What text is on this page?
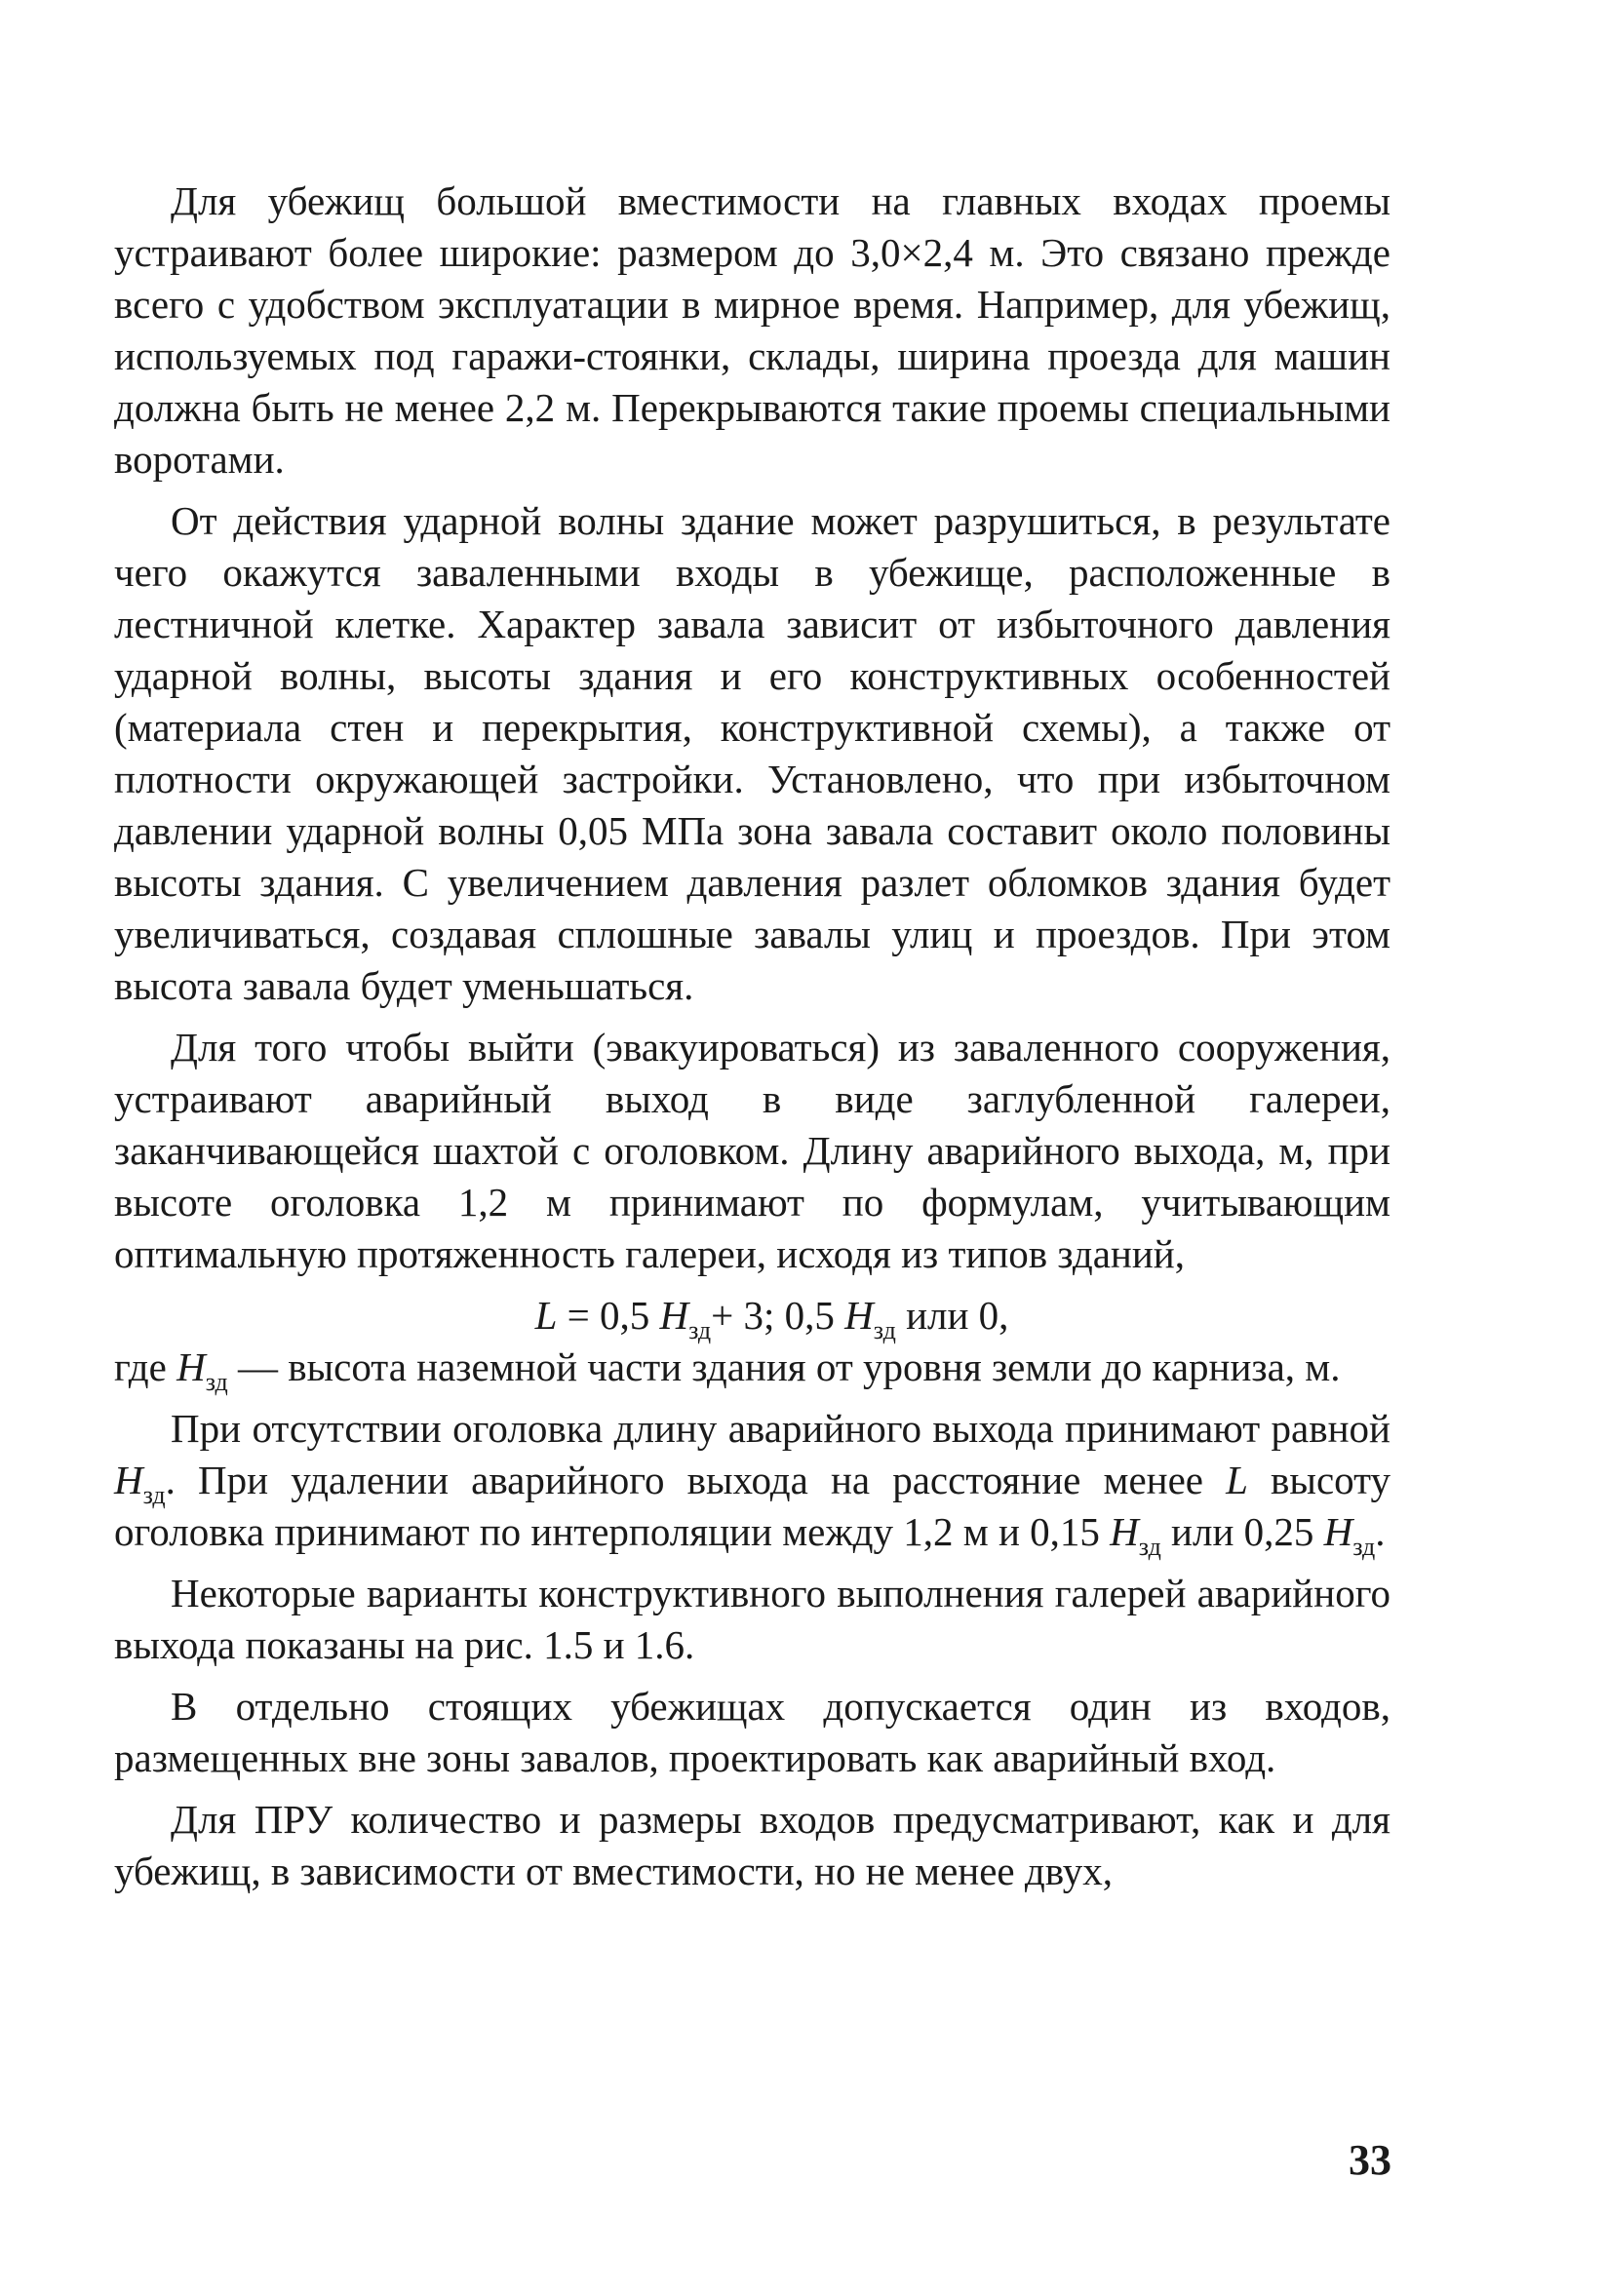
Для убежищ большой вместимости на главных входах проемы устраивают более широкие: размером до 3,0×2,4 м. Это связано прежде всего с удобством эксплуатации в мирное время. Например, для убежищ, используемых под гаражи-стоянки, склады, ширина проезда для машин должна быть не менее 2,2 м. Перекрываются такие проемы специальными воротами.

От действия ударной волны здание может разрушиться, в результате чего окажутся заваленными входы в убежище, расположенные в лестничной клетке. Характер завала зависит от избыточного давления ударной волны, высоты здания и его конструктивных особенностей (материала стен и перекрытия, конструктивной схемы), а также от плотности окружающей застройки. Установлено, что при избыточном давлении ударной волны 0,05 МПа зона завала составит около половины высоты здания. С увеличением давления разлет обломков здания будет увеличиваться, создавая сплошные завалы улиц и проездов. При этом высота завала будет уменьшаться.

Для того чтобы выйти (эвакуироваться) из заваленного сооружения, устраивают аварийный выход в виде заглубленной галереи, заканчивающейся шахтой с оголовком. Длину аварийного выхода, м, при высоте оголовка 1,2 м принимают по формулам, учитывающим оптимальную протяженность галереи, исходя из типов зданий,

L = 0,5 $H_{зд}+ 3$; 0,5 $H_{зд}$ или 0,

где $H_{зд}$ — высота наземной части здания от уровня земли до карниза, м.

При отсутствии оголовка длину аварийного выхода принимают равной $H_{зд}$. При удалении аварийного выхода на расстояние менее L высоту оголовка принимают по интерполяции между 1,2 м и 0,15 $H_{зд}$ или 0,25 $H_{зд}$.

Некоторые варианты конструктивного выполнения галерей аварийного выхода показаны на рис. 1.5 и 1.6.

В отдельно стоящих убежищах допускается один из входов, размещенных вне зоны завалов, проектировать как аварийный вход.

Для ПРУ количество и размеры входов предусматривают, как и для убежищ, в зависимости от вместимости, но не менее двух,

33
